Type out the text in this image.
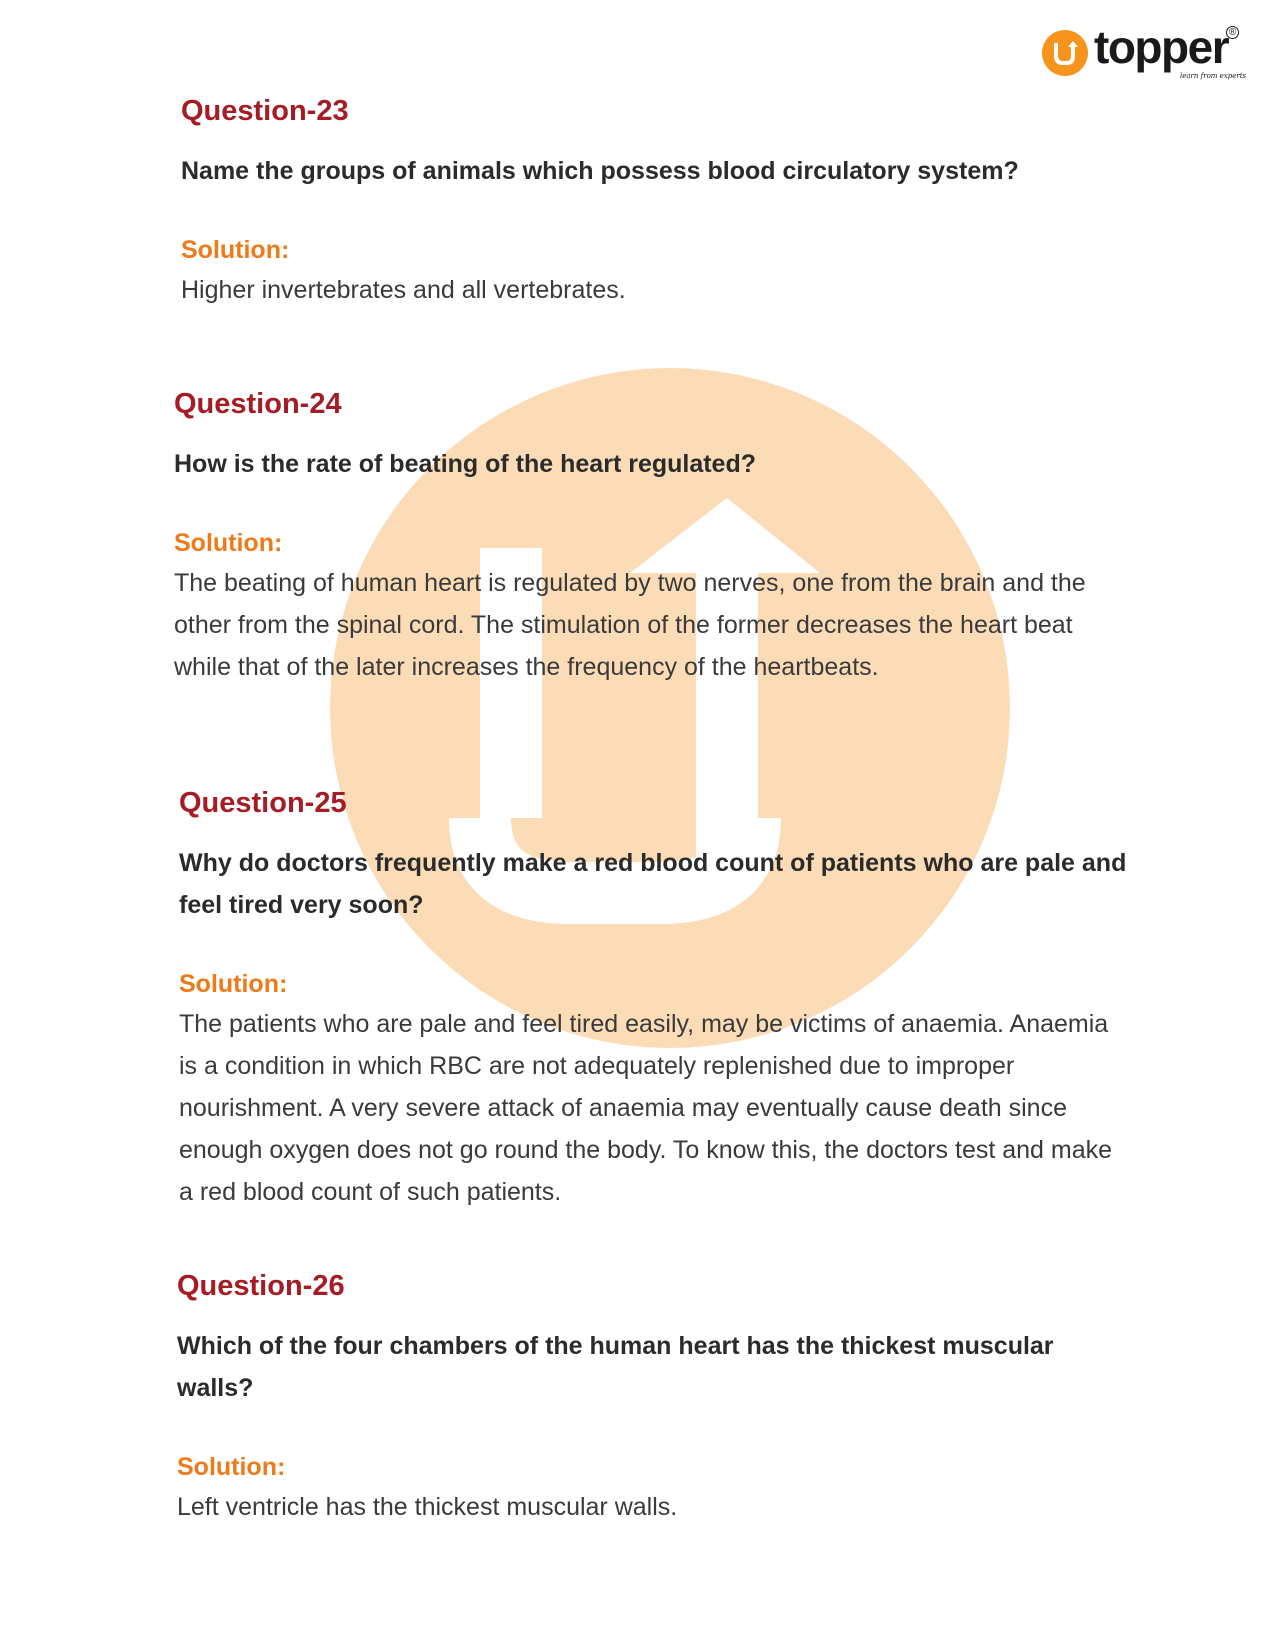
topper ®
learn from experts
Question-23
Name the groups of animals which possess blood circulatory system?
Solution:
Higher invertebrates and all vertebrates.
Question-24
How is the rate of beating of the heart regulated?
Solution:
The beating of human heart is regulated by two nerves, one from the brain and the other from the spinal cord. The stimulation of the former decreases the heart beat while that of the later increases the frequency of the heartbeats.
Question-25
Why do doctors frequently make a red blood count of patients who are pale and feel tired very soon?
Solution:
The patients who are pale and feel tired easily, may be victims of anaemia. Anaemia is a condition in which RBC are not adequately replenished due to improper nourishment. A very severe attack of anaemia may eventually cause death since enough oxygen does not go round the body. To know this, the doctors test and make a red blood count of such patients.
Question-26
Which of the four chambers of the human heart has the thickest muscular walls?
Solution:
Left ventricle has the thickest muscular walls.
